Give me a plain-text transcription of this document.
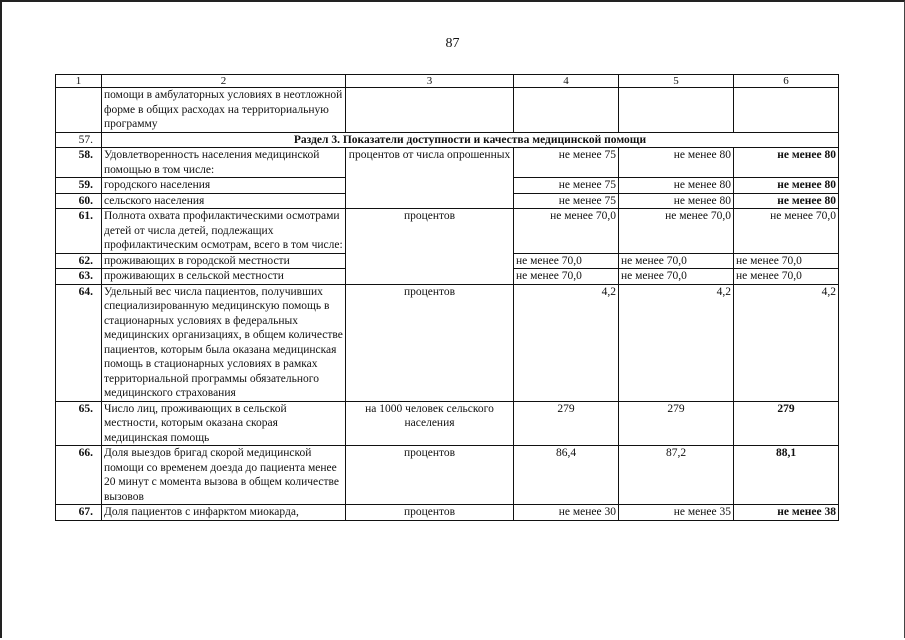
87
1	2	3	4	5	6
	помощи в амбулаторных условиях в неотложной форме в общих расходах на территориальную программу				
57.	Раздел 3. Показатели доступности и качества медицинской помощи				
58.	Удовлетворенность населения медицинской помощью в том числе:	процентов от числа опрошенных	не менее 75	не менее 80	не менее 80
59.	городского населения		не менее 75	не менее 80	не менее 80
60.	сельского населения		не менее 75	не менее 80	не менее 80
61.	Полнота охвата профилактическими осмотрами детей от числа детей, подлежащих профилактическим осмотрам, всего в том числе:	процентов	не менее 70,0	не менее 70,0	не менее 70,0
62.	проживающих в городской местности		не менее 70,0	не менее 70,0	не менее 70,0
63.	проживающих в сельской местности		не менее 70,0	не менее 70,0	не менее 70,0
64.	Удельный вес числа пациентов, получивших специализированную медицинскую помощь в стационарных условиях в федеральных медицинских организациях, в общем количестве пациентов, которым была оказана медицинская помощь в стационарных условиях в рамках территориальной программы обязательного медицинского страхования	процентов	4,2	4,2	4,2
65.	Число лиц, проживающих в сельской местности, которым оказана скорая медицинская помощь	на 1000 человек сельского населения	279	279	279
66.	Доля выездов бригад скорой медицинской помощи со временем доезда до пациента менее 20 минут с момента вызова в общем количестве вызовов	процентов	86,4	87,2	88,1
67.	Доля пациентов с инфарктом миокарда,	процентов	не менее 30	не менее 35	не менее 38
